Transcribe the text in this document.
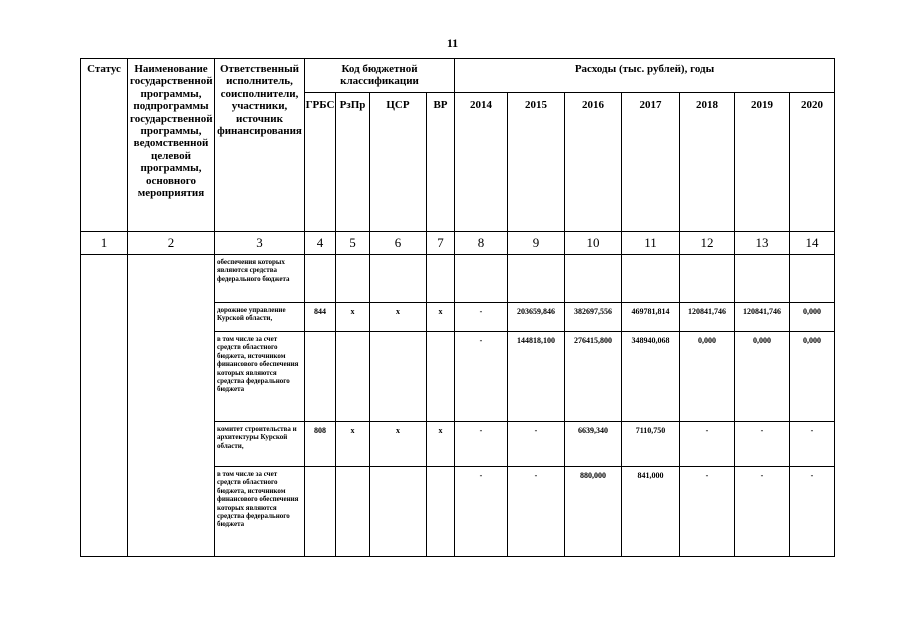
11
Статус	Наименование государственной программы, подпрограммы государственной программы, ведомственной целевой программы, основного мероприятия	Ответственный исполнитель, соисполнители, участники, источник финансирования	Код бюджетной классификации				Расходы (тыс. рублей), годы						
			ГРБС	РзПр	ЦСР	ВР	2014	2015	2016	2017	2018	2019	2020
1	2	3	4	5	6	7	8	9	10	11	12	13	14
		обеспечения которых являются средства федерального бюджета											
		дорожное управление Курской области,	844	х	х	х	-	203659,846	382697,556	469781,814	120841,746	120841,746	0,000
		в том числе за счет средств областного бюджета, источником финансового обеспечения которых являются средства федерального бюджета					-	144818,100	276415,800	348940,068	0,000	0,000	0,000
		комитет строительства и архитектуры Курской области,	808	х	х	х	-	-	6639,340	7110,750	-	-	-
		в том числе за счет средств областного бюджета, источником финансового обеспечения которых являются средства федерального бюджета					-	-	880,000	841,000	-	-	-
